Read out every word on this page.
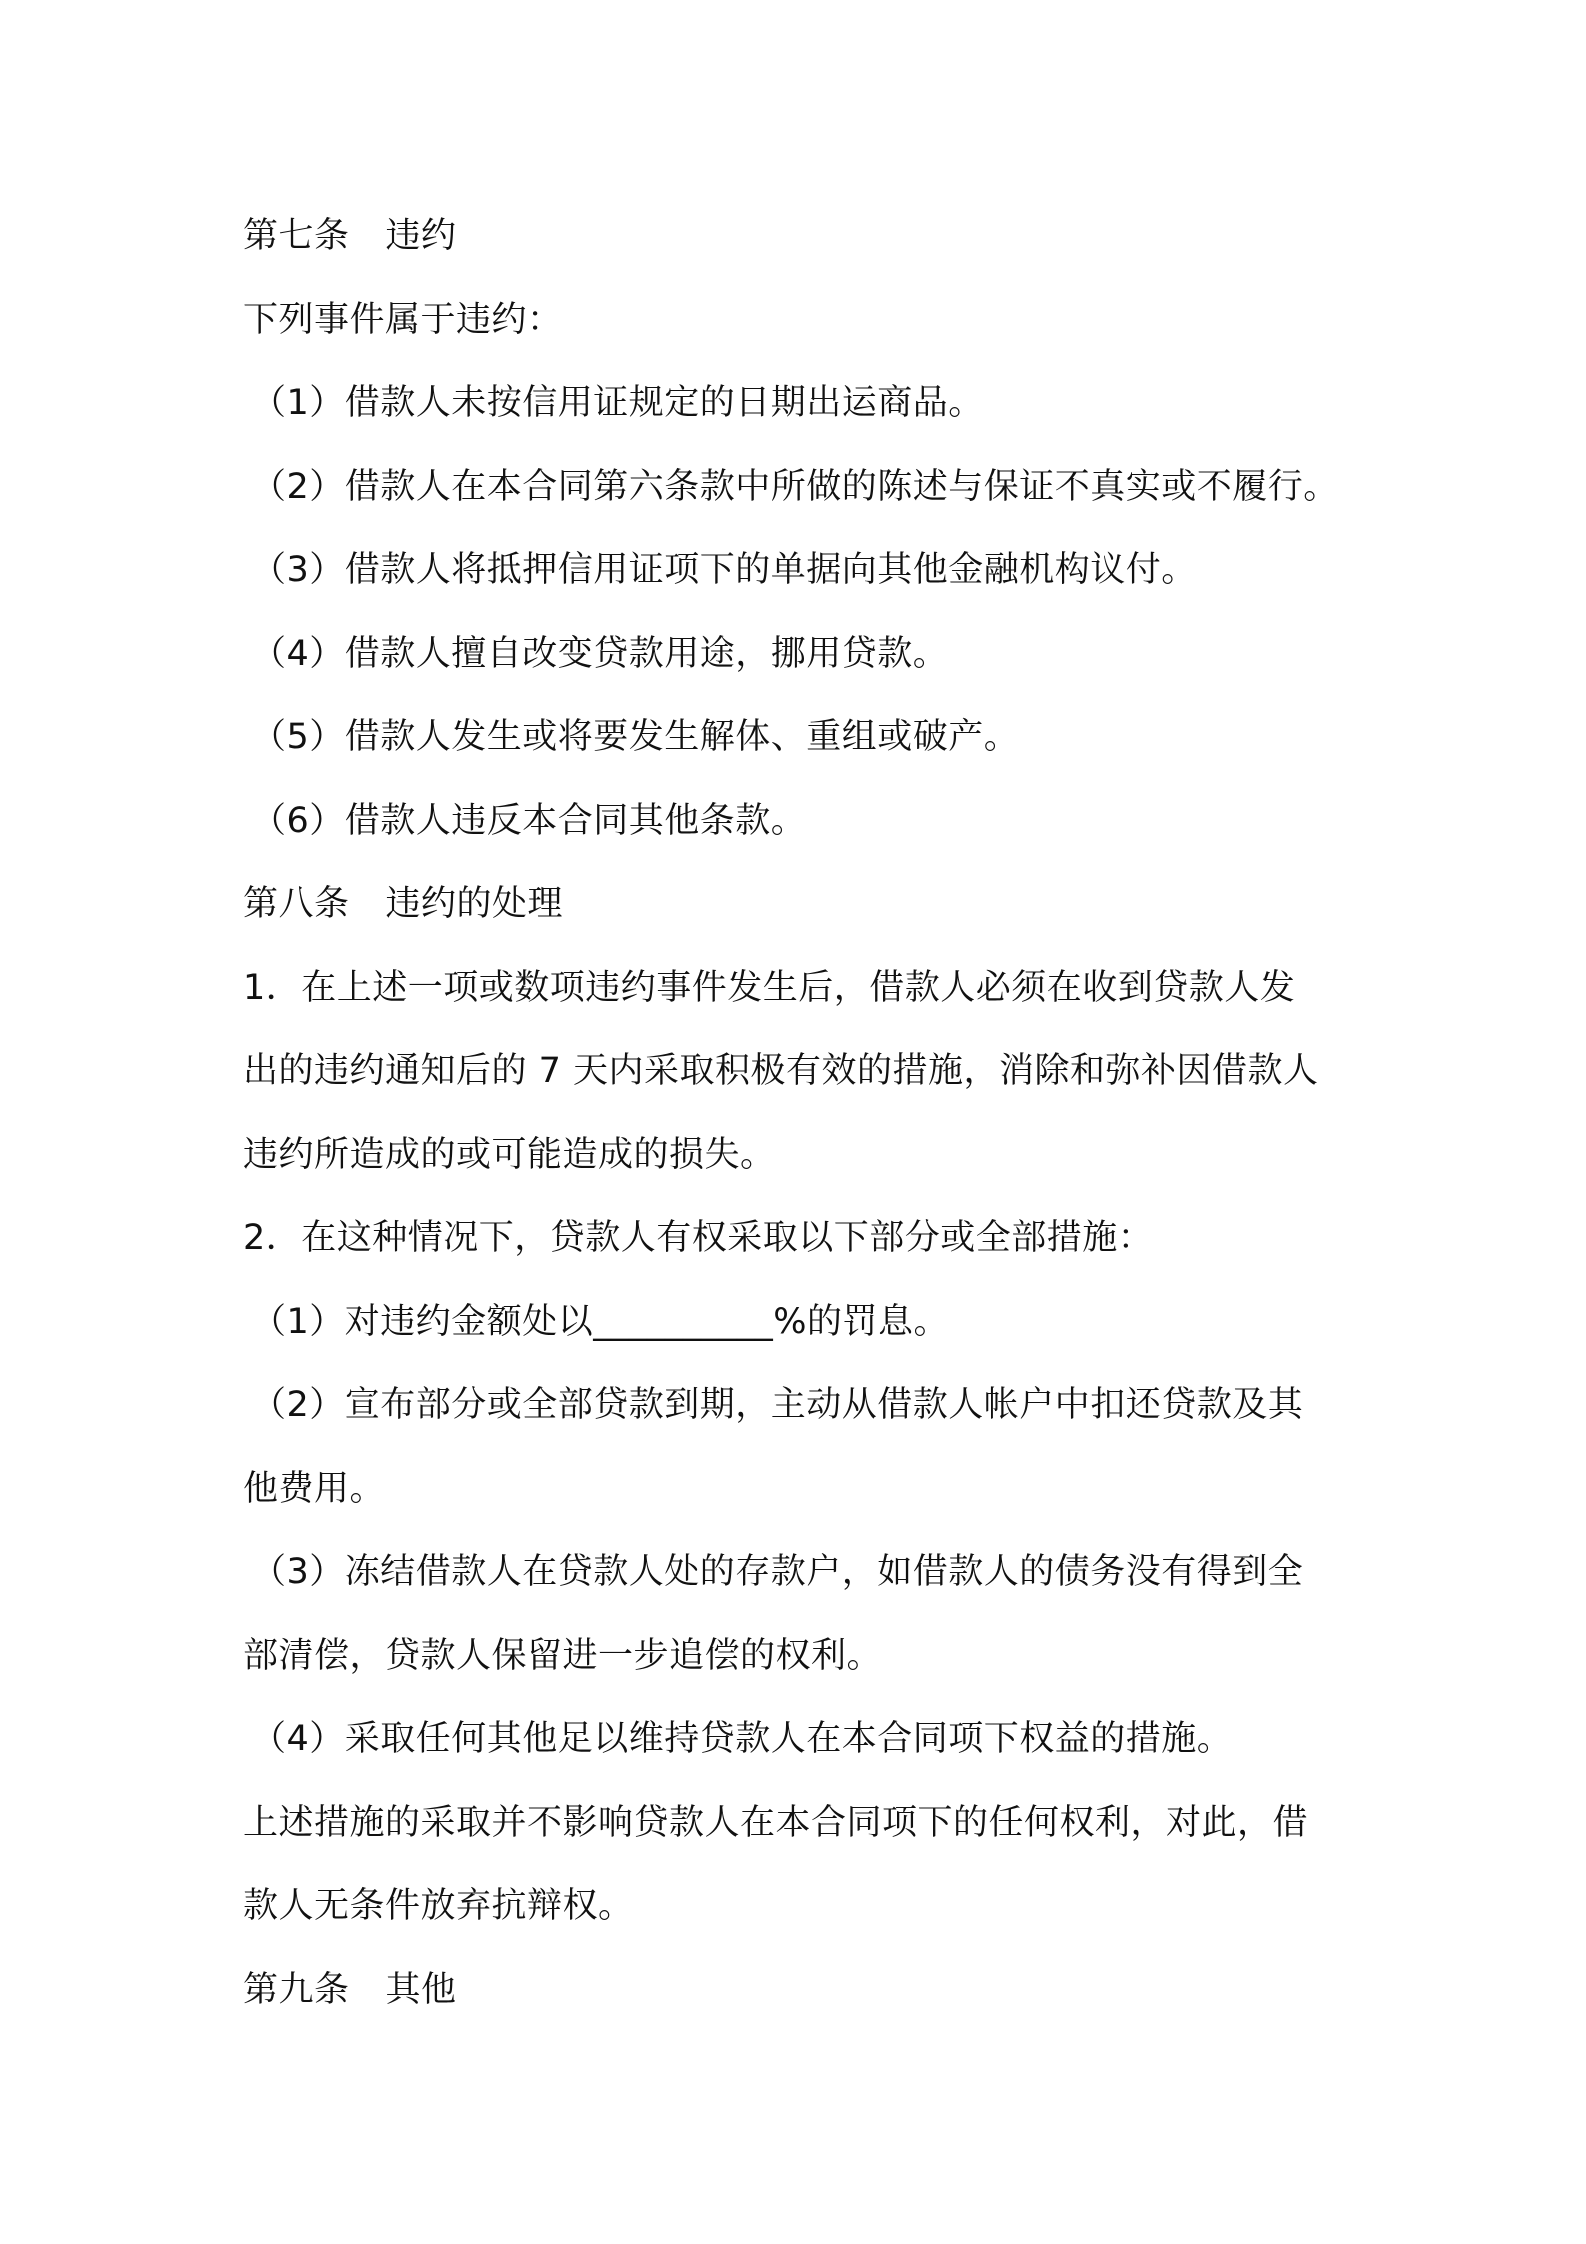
第七条 违约
下列事件属于违约：
（1）借款人未按信用证规定的日期出运商品。
（2）借款人在本合同第六条款中所做的陈述与保证不真实或不履行。
（3）借款人将抵押信用证项下的单据向其他金融机构议付。
（4）借款人擅自改变贷款用途，挪用贷款。
（5）借款人发生或将要发生解体、重组或破产。
（6）借款人违反本合同其他条款。
第八条 违约的处理
1．在上述一项或数项违约事件发生后，借款人必须在收到贷款人发
出的违约通知后的 7 天内采取积极有效的措施，消除和弥补因借款人
违约所造成的或可能造成的损失。
2．在这种情况下，贷款人有权采取以下部分或全部措施：
（1）对违约金额处以__________%的罚息。
（2）宣布部分或全部贷款到期，主动从借款人帐户中扣还贷款及其
他费用。
（3）冻结借款人在贷款人处的存款户，如借款人的债务没有得到全
部清偿，贷款人保留进一步追偿的权利。
（4）采取任何其他足以维持贷款人在本合同项下权益的措施。
上述措施的采取并不影响贷款人在本合同项下的任何权利，对此，借
款人无条件放弃抗辩权。
第九条 其他
